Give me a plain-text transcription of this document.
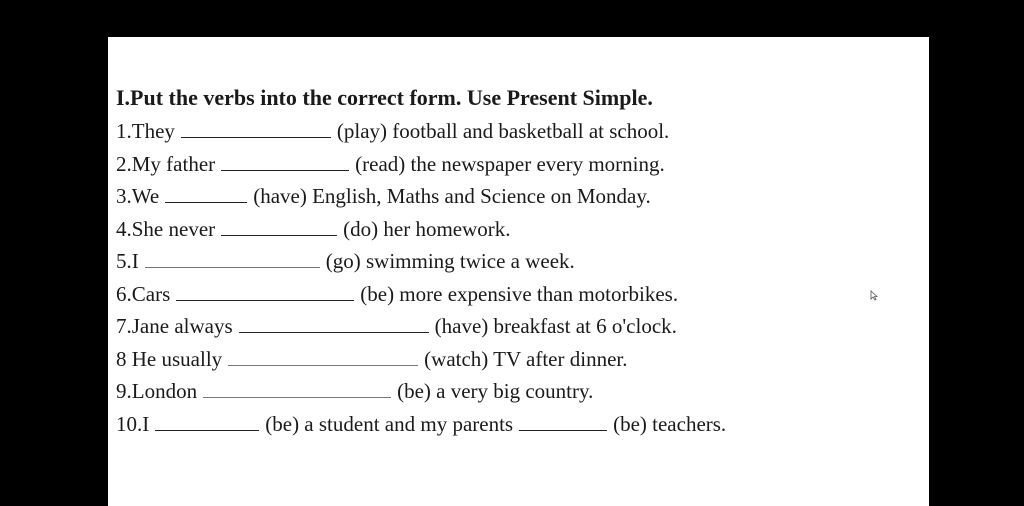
I.Put the verbs into the correct form. Use Present Simple.
1.They	(play) football and basketball at school.
2.My father	(read) the newspaper every morning.
3.We	(have) English, Maths and Science on Monday.
4.She never	(do) her homework.
5.I	(go) swimming twice a week.
6.Cars	(be) more expensive than motorbikes.
7.Jane always	(have) breakfast at 6 o'clock.
8 He usually	(watch) TV after dinner.
9.London	(be) a very big country.
10.I	(be) a student and my parents	(be) teachers.
